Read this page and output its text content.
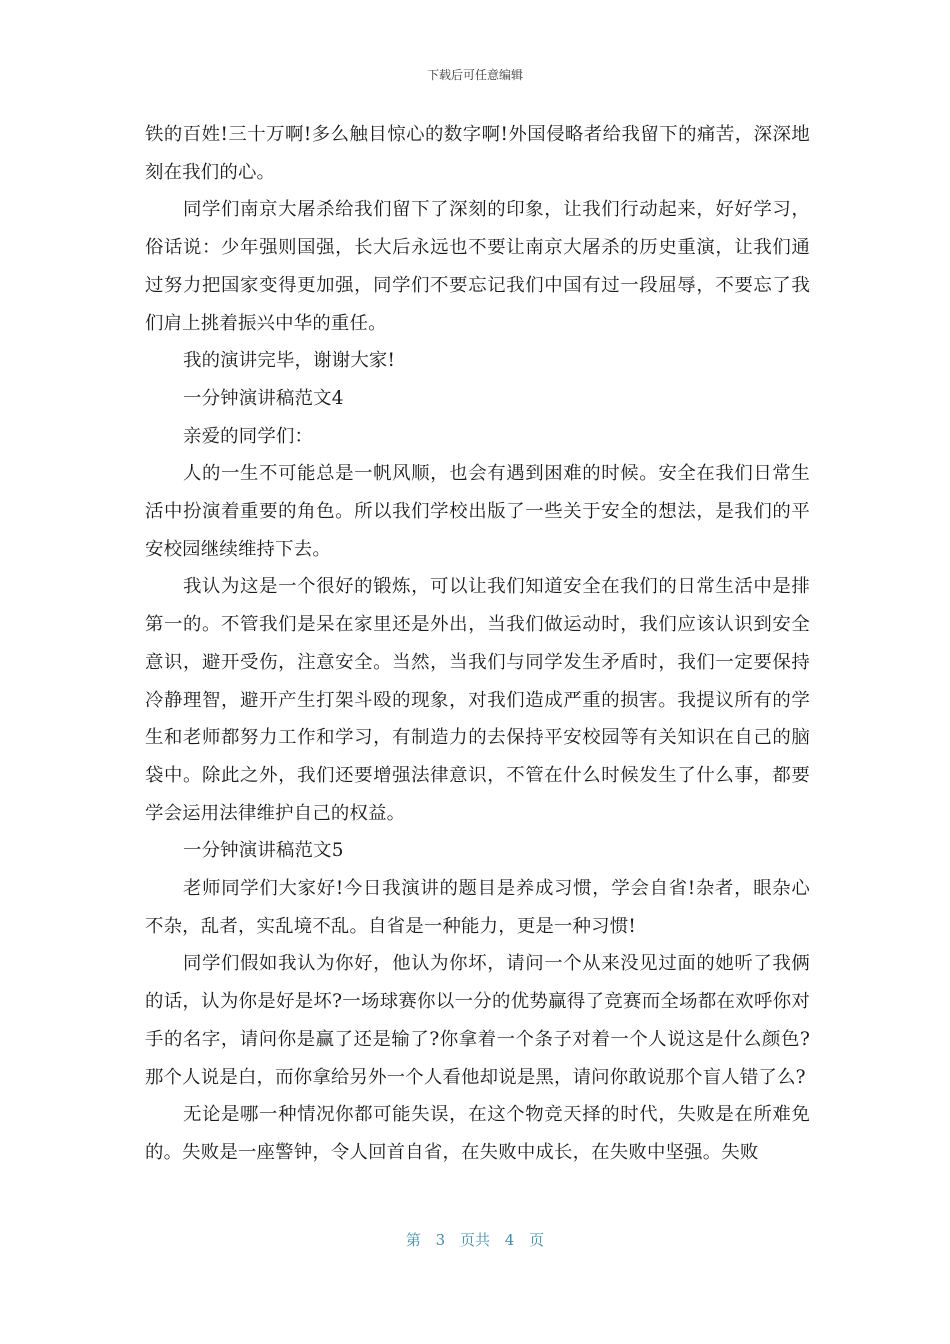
下载后可任意编辑

铁的百姓!三十万啊!多么触目惊心的数字啊!外国侵略者给我留下的痛苦，深深地刻在我们的心。

同学们南京大屠杀给我们留下了深刻的印象，让我们行动起来，好好学习，俗话说：少年强则国强，长大后永远也不要让南京大屠杀的历史重演，让我们通过努力把国家变得更加强，同学们不要忘记我们中国有过一段屈辱，不要忘了我们肩上挑着振兴中华的重任。

我的演讲完毕，谢谢大家!

一分钟演讲稿范文4

亲爱的同学们：

人的一生不可能总是一帆风顺，也会有遇到困难的时候。安全在我们日常生活中扮演着重要的角色。所以我们学校出版了一些关于安全的想法，是我们的平安校园继续维持下去。

我认为这是一个很好的锻炼，可以让我们知道安全在我们的日常生活中是排第一的。不管我们是呆在家里还是外出，当我们做运动时，我们应该认识到安全意识，避开受伤，注意安全。当然，当我们与同学发生矛盾时，我们一定要保持冷静理智，避开产生打架斗殴的现象，对我们造成严重的损害。我提议所有的学生和老师都努力工作和学习，有制造力的去保持平安校园等有关知识在自己的脑袋中。除此之外，我们还要增强法律意识，不管在什么时候发生了什么事，都要学会运用法律维护自己的权益。

一分钟演讲稿范文5

老师同学们大家好!今日我演讲的题目是养成习惯，学会自省!杂者，眼杂心不杂，乱者，实乱境不乱。自省是一种能力，更是一种习惯!

同学们假如我认为你好，他认为你坏，请问一个从来没见过面的她听了我俩的话，认为你是好是坏?一场球赛你以一分的优势赢得了竞赛而全场都在欢呼你对手的名字，请问你是赢了还是输了?你拿着一个条子对着一个人说这是什么颜色?那个人说是白，而你拿给另外一个人看他却说是黑，请问你敢说那个盲人错了么?

无论是哪一种情况你都可能失误，在这个物竞天择的时代，失败是在所难免的。失败是一座警钟，令人回首自省，在失败中成长，在失败中坚强。失败

第 3 页共 4 页
